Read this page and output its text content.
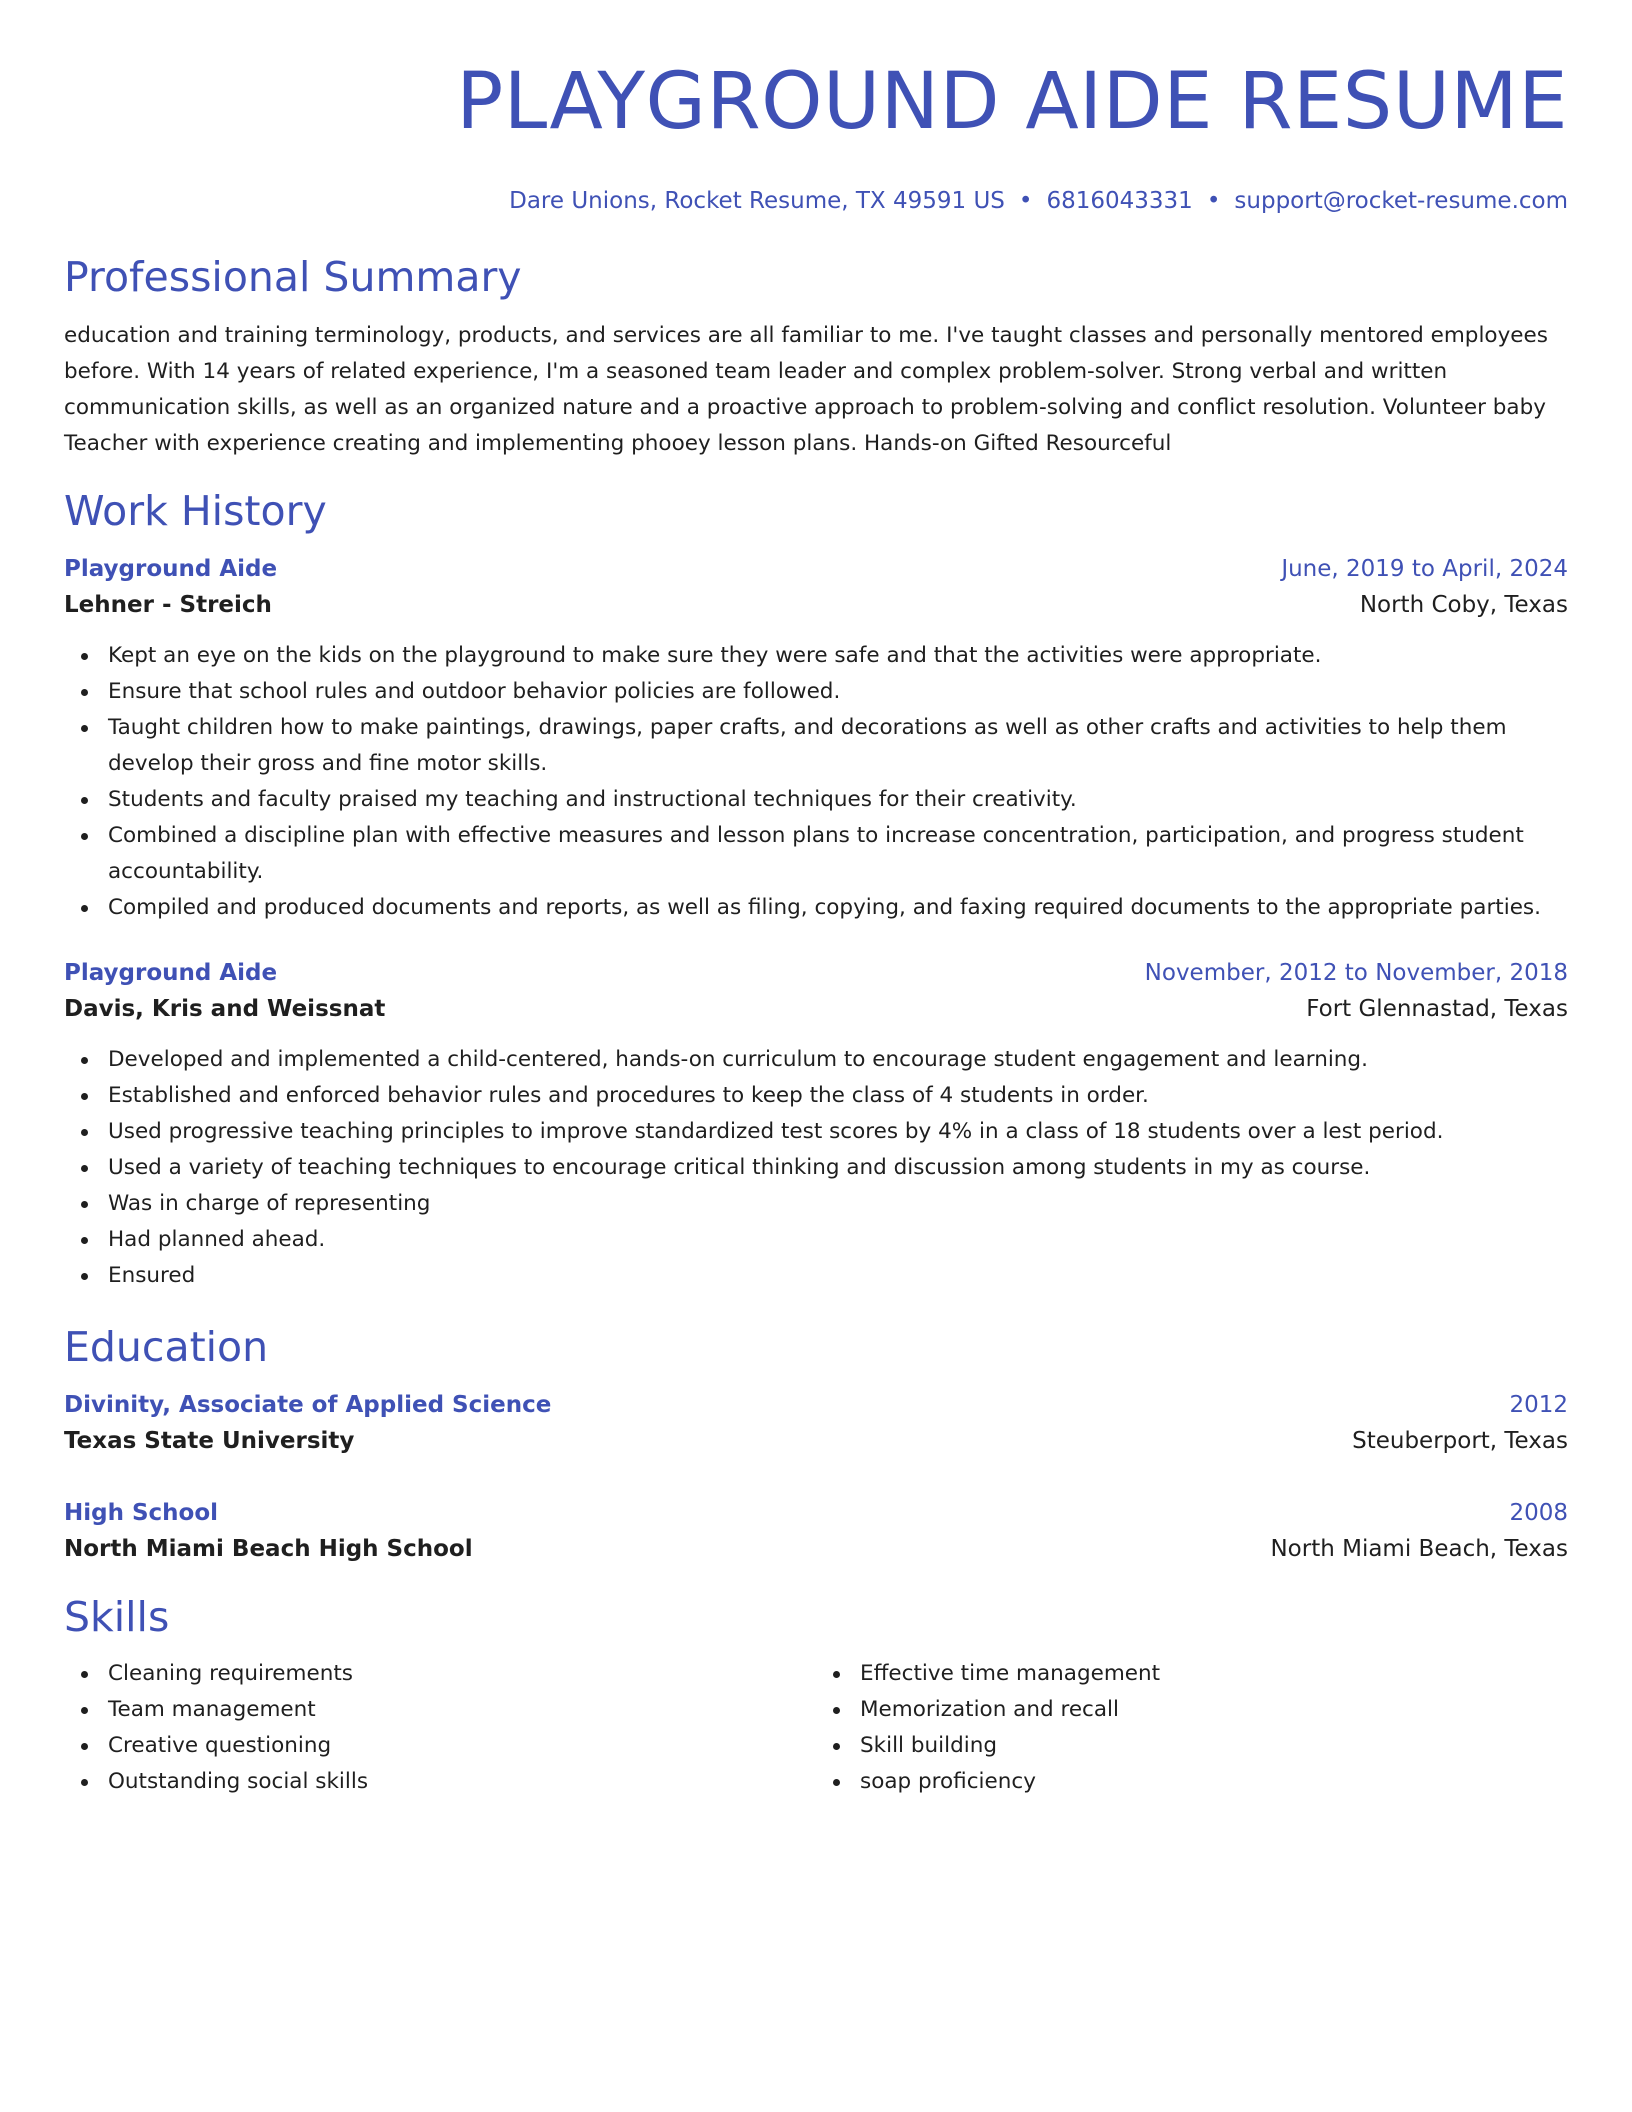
PLAYGROUND AIDE RESUME
Dare Unions, Rocket Resume, TX 49591 US • 6816043331 • support@rocket-resume.com
Professional Summary
education and training terminology, products, and services are all familiar to me. I've taught classes and personally mentored employees before. With 14 years of related experience, I'm a seasoned team leader and complex problem-solver. Strong verbal and written communication skills, as well as an organized nature and a proactive approach to problem-solving and conflict resolution. Volunteer baby Teacher with experience creating and implementing phooey lesson plans. Hands-on Gifted Resourceful
Work History
Playground Aide	June, 2019 to April, 2024
Lehner - Streich	North Coby, Texas
Kept an eye on the kids on the playground to make sure they were safe and that the activities were appropriate.
Ensure that school rules and outdoor behavior policies are followed.
Taught children how to make paintings, drawings, paper crafts, and decorations as well as other crafts and activities to help them develop their gross and fine motor skills.
Students and faculty praised my teaching and instructional techniques for their creativity.
Combined a discipline plan with effective measures and lesson plans to increase concentration, participation, and progress student accountability.
Compiled and produced documents and reports, as well as filing, copying, and faxing required documents to the appropriate parties.
Playground Aide	November, 2012 to November, 2018
Davis, Kris and Weissnat	Fort Glennastad, Texas
Developed and implemented a child-centered, hands-on curriculum to encourage student engagement and learning.
Established and enforced behavior rules and procedures to keep the class of 4 students in order.
Used progressive teaching principles to improve standardized test scores by 4% in a class of 18 students over a lest period.
Used a variety of teaching techniques to encourage critical thinking and discussion among students in my as course.
Was in charge of representing
Had planned ahead.
Ensured
Education
Divinity, Associate of Applied Science	2012
Texas State University	Steuberport, Texas
High School	2008
North Miami Beach High School	North Miami Beach, Texas
Skills
Cleaning requirements
Team management
Creative questioning
Outstanding social skills
Effective time management
Memorization and recall
Skill building
soap proficiency
